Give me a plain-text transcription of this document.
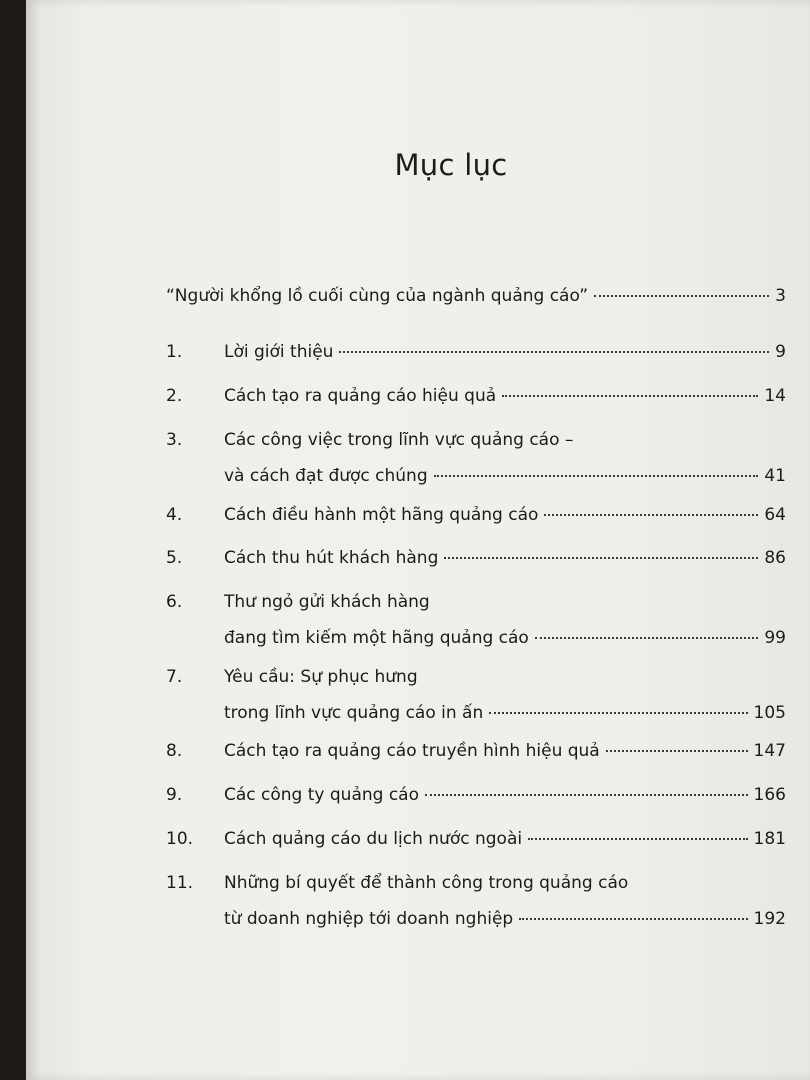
Mục lục
“Người khổng lồ cuối cùng của ngành quảng cáo”	3
1.	Lời giới thiệu	9
2.	Cách tạo ra quảng cáo hiệu quả	14
3.	Các công việc trong lĩnh vực quảng cáo –
và cách đạt được chúng	41
4.	Cách điều hành một hãng quảng cáo	64
5.	Cách thu hút khách hàng	86
6.	Thư ngỏ gửi khách hàng
đang tìm kiếm một hãng quảng cáo	99
7.	Yêu cầu: Sự phục hưng
trong lĩnh vực quảng cáo in ấn	105
8.	Cách tạo ra quảng cáo truyền hình hiệu quả	147
9.	Các công ty quảng cáo	166
10.	Cách quảng cáo du lịch nước ngoài	181
11.	Những bí quyết để thành công trong quảng cáo
từ doanh nghiệp tới doanh nghiệp	192
